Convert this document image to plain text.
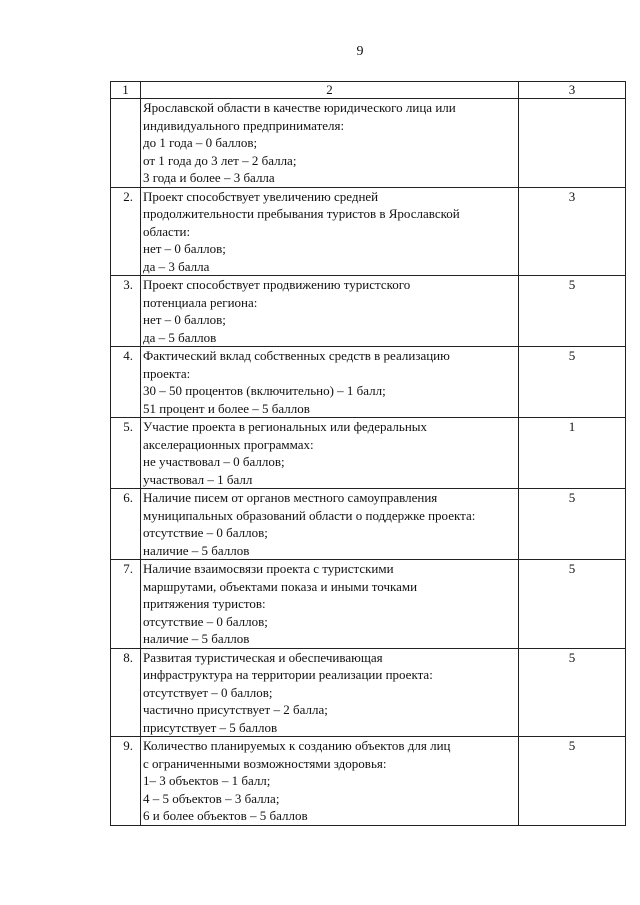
9
1	2	3

	Ярославской области в качестве юридического лица или
индивидуального предпринимателя:
до 1 года – 0 баллов;
от 1 года до 3 лет – 2 балла;
3 года и более – 3 балла	

2.	Проект способствует увеличению средней
продолжительности пребывания туристов в Ярославской
области:
нет – 0 баллов;
да – 3 балла	3
3.	Проект способствует продвижению туристского
потенциала региона:
нет – 0 баллов;
да – 5 баллов	5
4.	Фактический вклад собственных средств в реализацию
проекта:
30 – 50 процентов (включительно) – 1 балл;
51 процент и более – 5 баллов	5
5.	Участие проекта в региональных или федеральных
акселерационных программах:
не участвовал – 0 баллов;
участвовал – 1 балл	1
6.	Наличие писем от органов местного самоуправления
муниципальных образований области о поддержке проекта:
отсутствие – 0 баллов;
наличие – 5 баллов	5
7.	Наличие взаимосвязи проекта с туристскими
маршрутами, объектами показа и иными точками
притяжения туристов:
отсутствие – 0 баллов;
наличие – 5 баллов	5
8.	Развитая туристическая и обеспечивающая
инфраструктура на территории реализации проекта:
отсутствует – 0 баллов;
частично присутствует – 2 балла;
присутствует – 5 баллов	5
9.	Количество планируемых к созданию объектов для лиц
с ограниченными возможностями здоровья:
1– 3 объектов – 1 балл;
4 – 5 объектов – 3 балла;
6 и более объектов – 5 баллов	5
